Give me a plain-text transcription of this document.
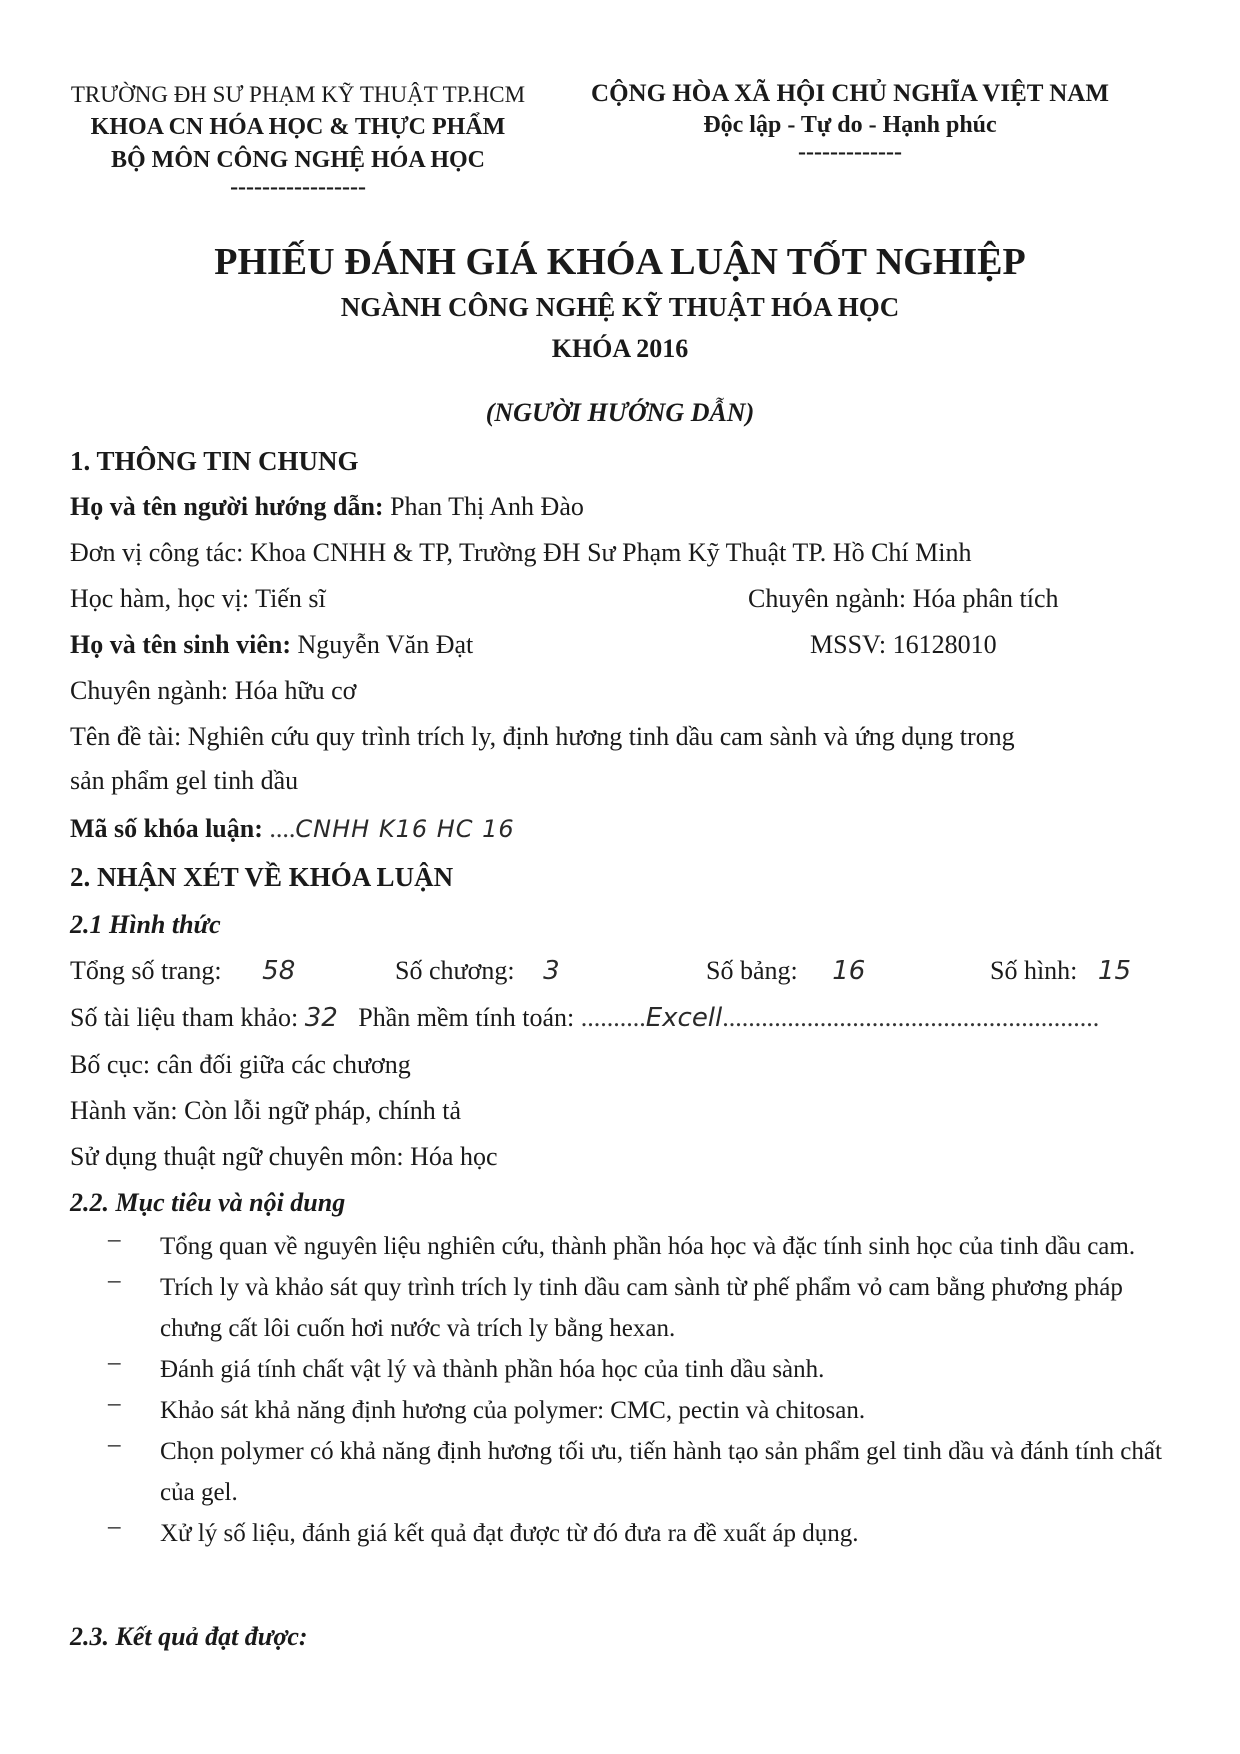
TRƯỜNG ĐH SƯ PHẠM KỸ THUẬT TP.HCM
KHOA CN HÓA HỌC & THỰC PHẨM
BỘ MÔN CÔNG NGHỆ HÓA HỌC
-----------------
CỘNG HÒA XÃ HỘI CHỦ NGHĨA VIỆT NAM
Độc lập - Tự do - Hạnh phúc
-------------
PHIẾU ĐÁNH GIÁ KHÓA LUẬN TỐT NGHIỆP
NGÀNH CÔNG NGHỆ KỸ THUẬT HÓA HỌC
KHÓA 2016
(NGƯỜI HƯỚNG DẪN)
1. THÔNG TIN CHUNG
Họ và tên người hướng dẫn: Phan Thị Anh Đào
Đơn vị công tác: Khoa CNHH & TP, Trường ĐH Sư Phạm Kỹ Thuật TP. Hồ Chí Minh
Học hàm, học vị: Tiến sĩ	Chuyên ngành: Hóa phân tích
Họ và tên sinh viên: Nguyễn Văn Đạt	MSSV: 16128010
Chuyên ngành: Hóa hữu cơ
Tên đề tài: Nghiên cứu quy trình trích ly, định hương tinh dầu cam sành và ứng dụng trong
sản phẩm gel tinh dầu
Mã số khóa luận: ....CNHH K16 HC 16
2. NHẬN XÉT VỀ KHÓA LUẬN
2.1 Hình thức
Tổng số trang: 58	Số chương: 3	Số bảng: 16	Số hình: 15
Số tài liệu tham khảo: 32 Phần mềm tính toán: ..........Excell..........................................................
Bố cục: cân đối giữa các chương
Hành văn: Còn lỗi ngữ pháp, chính tả
Sử dụng thuật ngữ chuyên môn: Hóa học
2.2. Mục tiêu và nội dung
–	Tổng quan về nguyên liệu nghiên cứu, thành phần hóa học và đặc tính sinh học của tinh dầu cam.
–	Trích ly và khảo sát quy trình trích ly tinh dầu cam sành từ phế phẩm vỏ cam bằng phương pháp chưng cất lôi cuốn hơi nước và trích ly bằng hexan.
–	Đánh giá tính chất vật lý và thành phần hóa học của tinh dầu sành.
–	Khảo sát khả năng định hương của polymer: CMC, pectin và chitosan.
–	Chọn polymer có khả năng định hương tối ưu, tiến hành tạo sản phẩm gel tinh dầu và đánh tính chất của gel.
–	Xử lý số liệu, đánh giá kết quả đạt được từ đó đưa ra đề xuất áp dụng.
2.3. Kết quả đạt được:
